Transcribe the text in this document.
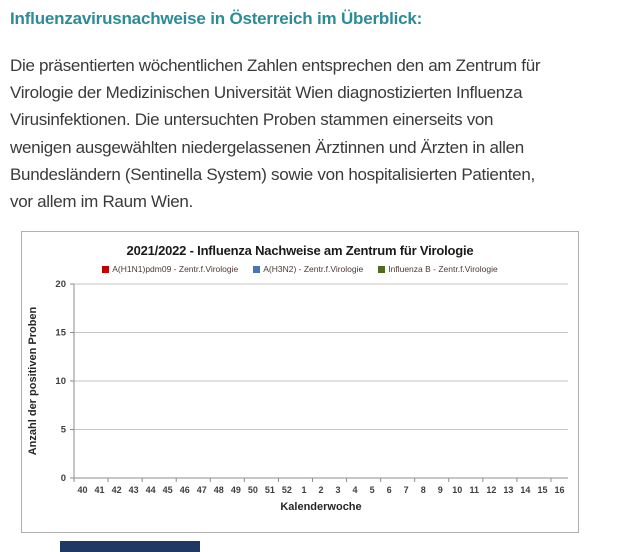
Influenzavirusnachweise in Österreich im Überblick:
Die präsentierten wöchentlichen Zahlen entsprechen den am Zentrum für
Virologie der Medizinischen Universität Wien diagnostizierten Influenza
Virusinfektionen. Die untersuchten Proben stammen einerseits von
wenigen ausgewählten niedergelassenen Ärztinnen und Ärzten in allen
Bundesländern (Sentinella System) sowie von hospitalisierten Patienten,
vor allem im Raum Wien.
2021/2022 - Influenza Nachweise am Zentrum für Virologie
A(H1N1)pdm09 - Zentr.f.Virologie	A(H3N2) - Zentr.f.Virologie	Influenza B - Zentr.f.Virologie
0
5
10
15
20
40 41 42 43 44 45 46 47 48 49 50 51 52 1 2 3 4 5 6 7 8 9 10 11 12 13 14 15 16
Kalenderwoche
Anzahl der positiven Proben
